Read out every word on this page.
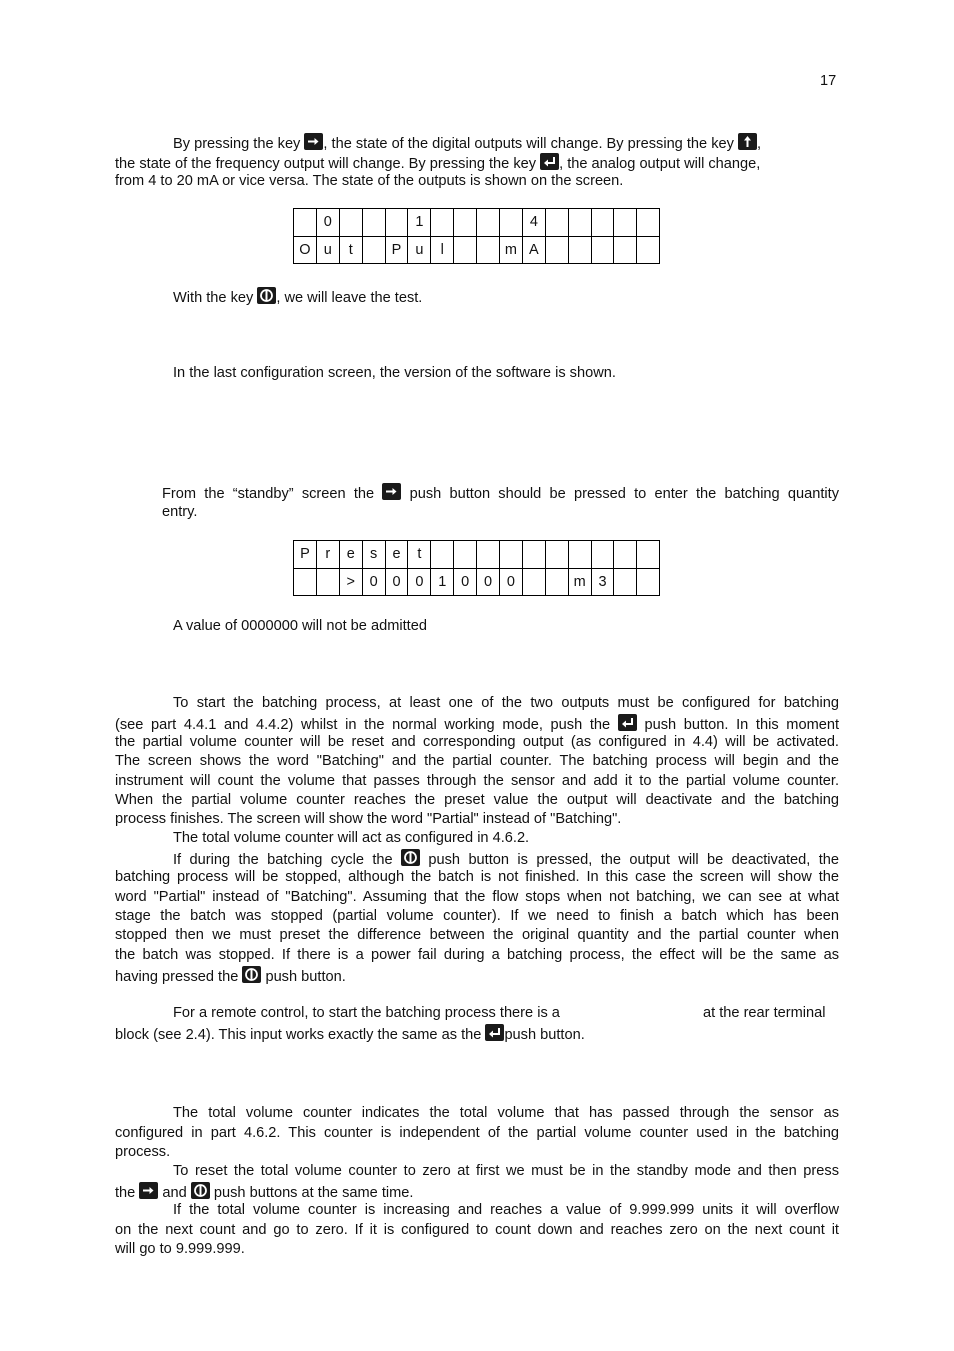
17
By pressing the key , the state of the digital outputs will change. By pressing the key ,
the state of the frequency output will change. By pressing the key , the analog output will change,
from 4 to 20 mA or vice versa. The state of the outputs is shown on the screen.
	0				1					4					
O	u	t		P	u	l			m	A					
With the key , we will leave the test.
In the last configuration screen, the version of the software is shown.
From the “standby” screen the push button should be pressed to enter the batching quantity
entry.
P	r	e	s	e	t										
		>	0	0	0	1	0	0	0			m	3		
A value of 0000000 will not be admitted
To start the batching process, at least one of the two outputs must be configured for batching
(see part 4.4.1 and 4.4.2) whilst in the normal working mode, push the push button. In this moment
the partial volume counter will be reset and corresponding output (as configured in 4.4) will be activated.
The screen shows the word "Batching" and the partial counter. The batching process will begin and the
instrument will count the volume that passes through the sensor and add it to the partial volume counter.
When the partial volume counter reaches the preset value the output will deactivate and the batching
process finishes. The screen will show the word "Partial" instead of "Batching".
The total volume counter will act as configured in 4.6.2.
If during the batching cycle the push button is pressed, the output will be deactivated, the
batching process will be stopped, although the batch is not finished. In this case the screen will show the
word "Partial" instead of "Batching". Assuming that the flow stops when not batching, we can see at what
stage the batch was stopped (partial volume counter). If we need to finish a batch which has been
stopped then we must preset the difference between the original quantity and the partial counter when
the batch was stopped. If there is a power fail during a batching process, the effect will be the same as
having pressed the push button.
For a remote control, to start the batching process there is a	at the rear terminal
block (see 2.4). This input works exactly the same as the push button.
The total volume counter indicates the total volume that has passed through the sensor as
configured in part 4.6.2. This counter is independent of the partial volume counter used in the batching
process.
To reset the total volume counter to zero at first we must be in the standby mode and then press
the and push buttons at the same time.
If the total volume counter is increasing and reaches a value of 9.999.999 units it will overflow
on the next count and go to zero. If it is configured to count down and reaches zero on the next count it
will go to 9.999.999.
